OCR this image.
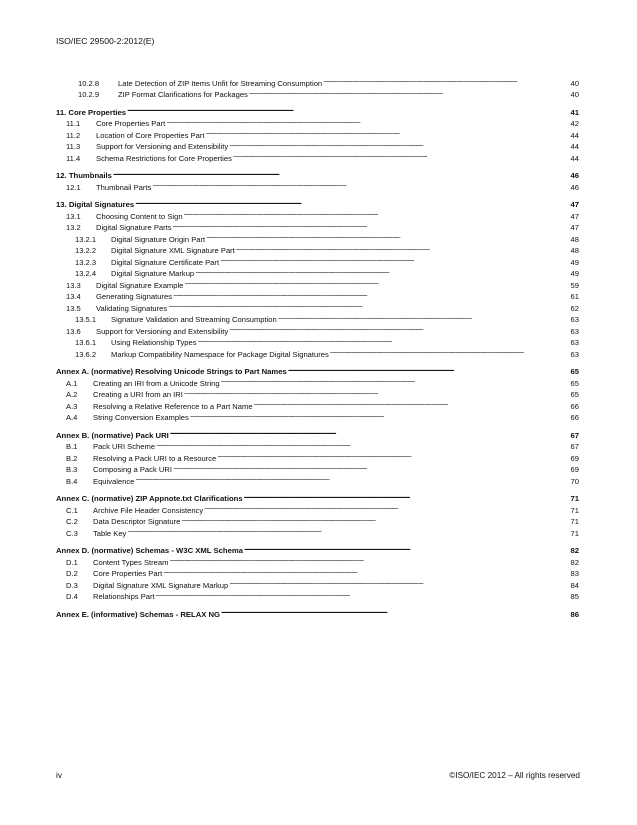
ISO/IEC 29500-2:2012(E)
10.2.8	Late Detection of ZIP Items Unfit for Streaming Consumption . . .	40
10.2.9	ZIP Format Clarifications for Packages . . .	40
11. Core Properties . . .	41
11.1	Core Properties Part . . .	42
11.2	Location of Core Properties Part . . .	44
11.3	Support for Versioning and Extensibility . . .	44
11.4	Schema Restrictions for Core Properties . . .	44
12. Thumbnails . . .	46
12.1	Thumbnail Parts . . .	46
13. Digital Signatures . . .	47
13.1	Choosing Content to Sign . . .	47
13.2	Digital Signature Parts . . .	47
13.2.1	Digital Signature Origin Part . . .	48
13.2.2	Digital Signature XML Signature Part . . .	48
13.2.3	Digital Signature Certificate Part . . .	49
13.2.4	Digital Signature Markup . . .	49
13.3	Digital Signature Example . . .	59
13.4	Generating Signatures . . .	61
13.5	Validating Signatures . . .	62
13.5.1	Signature Validation and Streaming Consumption . . .	63
13.6	Support for Versioning and Extensibility . . .	63
13.6.1	Using Relationship Types . . .	63
13.6.2	Markup Compatibility Namespace for Package Digital Signatures . . .	63
Annex A. (normative) Resolving Unicode Strings to Part Names . . .	65
A.1	Creating an IRI from a Unicode String . . .	65
A.2	Creating a URI from an IRI . . .	65
A.3	Resolving a Relative Reference to a Part Name . . .	66
A.4	String Conversion Examples . . .	66
Annex B. (normative) Pack URI . . .	67
B.1	Pack URI Scheme . . .	67
B.2	Resolving a Pack URI to a Resource . . .	69
B.3	Composing a Pack URI . . .	69
B.4	Equivalence . . .	70
Annex C. (normative) ZIP Appnote.txt Clarifications . . .	71
C.1	Archive File Header Consistency . . .	71
C.2	Data Descriptor Signature . . .	71
C.3	Table Key . . .	71
Annex D. (normative) Schemas - W3C XML Schema . . .	82
D.1	Content Types Stream . . .	82
D.2	Core Properties Part . . .	83
D.3	Digital Signature XML Signature Markup . . .	84
D.4	Relationships Part . . .	85
Annex E. (informative) Schemas - RELAX NG . . .	86
iv	©ISO/IEC 2012 – All rights reserved
